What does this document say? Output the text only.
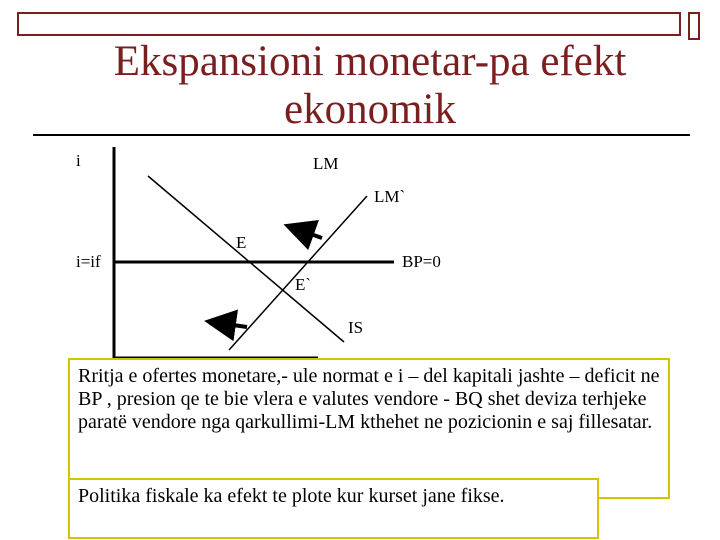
Ekspansioni monetar-pa efekt ekonomik
i
i=if
LM
LM`
E
BP=0
E`
IS
Rritja e ofertes monetare,- ule normat e i – del kapitali jashte – deficit ne BP , presion qe te bie vlera e valutes vendore - BQ shet deviza terhjeke paratë vendore nga qarkullimi-LM kthehet ne pozicionin e saj fillesatar.
Politika fiskale ka efekt te plote kur kurset jane fikse.
